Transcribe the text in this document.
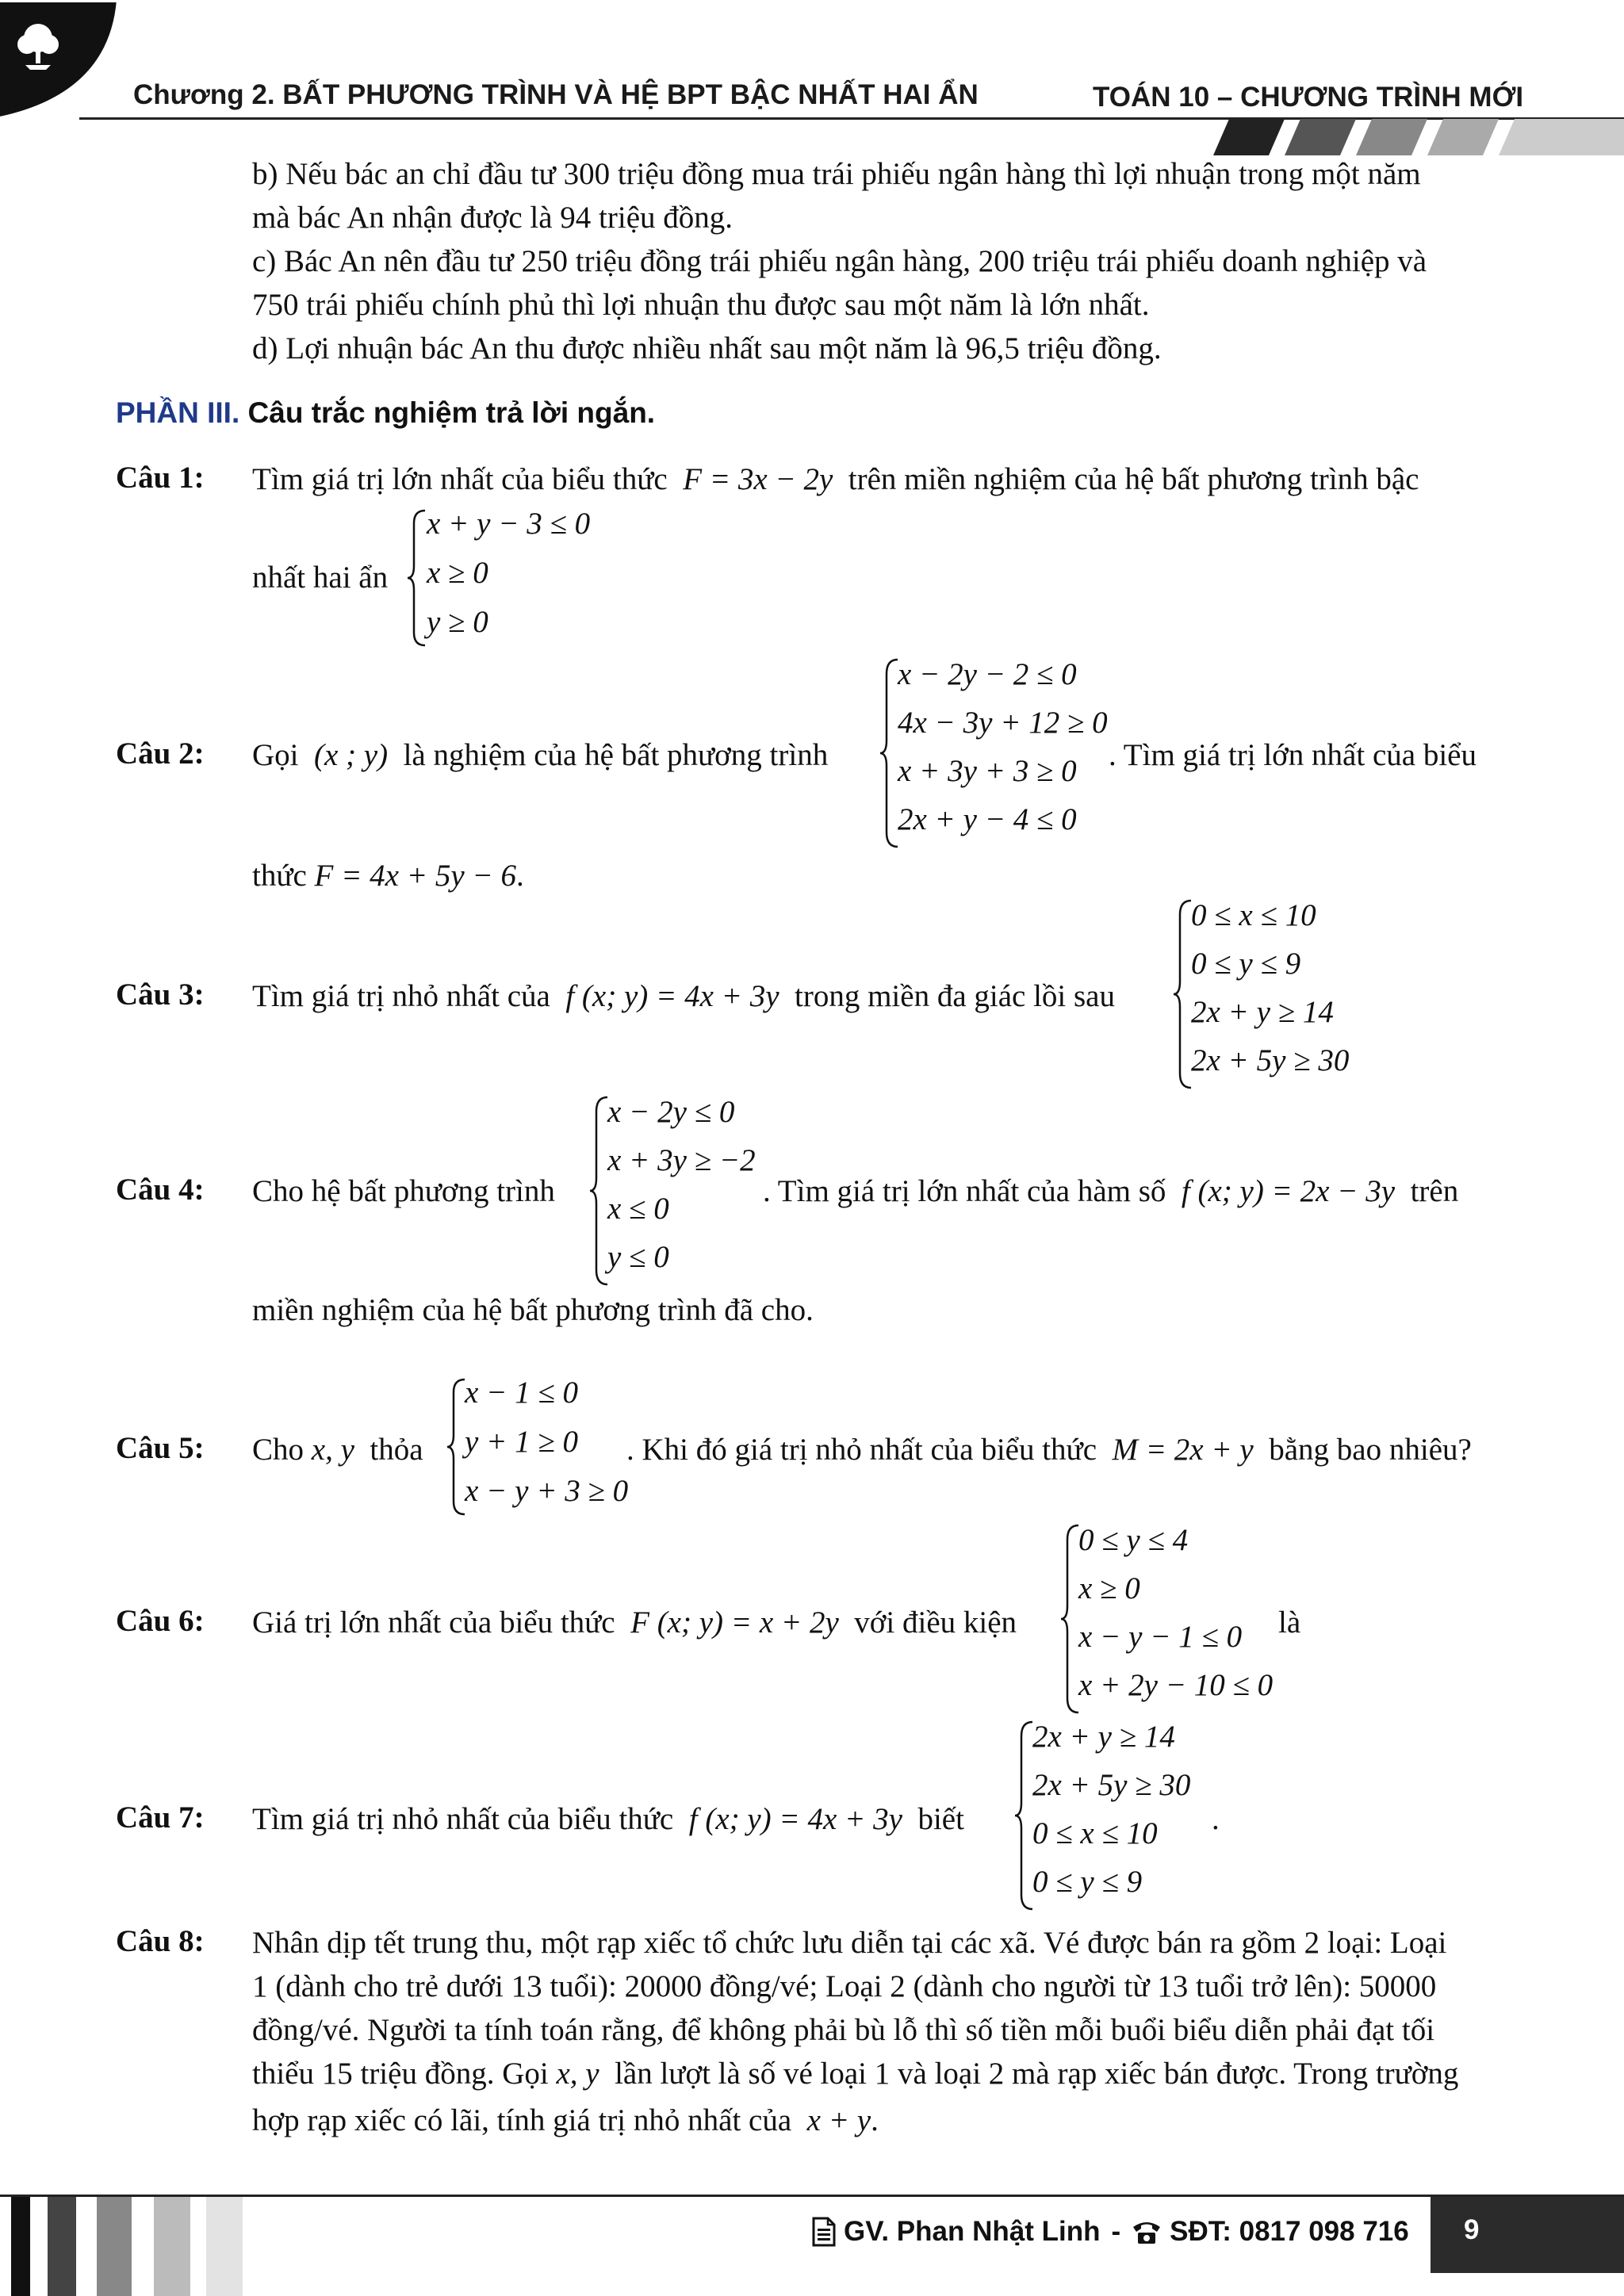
Chương 2. BẤT PHƯƠNG TRÌNH VÀ HỆ BPT BẬC NHẤT HAI ẨN	TOÁN 10 – CHƯƠNG TRÌNH MỚI
b) Nếu bác an chỉ đầu tư 300 triệu đồng mua trái phiếu ngân hàng thì lợi nhuận trong một năm
mà bác An nhận được là 94 triệu đồng.
c) Bác An nên đầu tư 250 triệu đồng trái phiếu ngân hàng, 200 triệu trái phiếu doanh nghiệp và
750 trái phiếu chính phủ thì lợi nhuận thu được sau một năm là lớn nhất.
d) Lợi nhuận bác An thu được nhiều nhất sau một năm là 96,5 triệu đồng.
PHẦN III. Câu trắc nghiệm trả lời ngắn.
Câu 1: Tìm giá trị lớn nhất của biểu thức F = 3x − 2y trên miền nghiệm của hệ bất phương trình bậc
nhất hai ẩn
x + y − 3 ≤ 0
x ≥ 0
y ≥ 0
Câu 2: Gọi (x ; y) là nghiệm của hệ bất phương trình
x − 2y − 2 ≤ 0
4x − 3y + 12 ≥ 0
x + 3y + 3 ≥ 0
2x + y − 4 ≤ 0
. Tìm giá trị lớn nhất của biểu
thức F = 4x + 5y − 6.
Câu 3: Tìm giá trị nhỏ nhất của f (x; y) = 4x + 3y trong miền đa giác lồi sau
0 ≤ x ≤ 10
0 ≤ y ≤ 9
2x + y ≥ 14
2x + 5y ≥ 30
Câu 4: Cho hệ bất phương trình
x − 2y ≤ 0
x + 3y ≥ −2
x ≤ 0
y ≤ 0
. Tìm giá trị lớn nhất của hàm số f (x; y) = 2x − 3y trên
miền nghiệm của hệ bất phương trình đã cho.
Câu 5: Cho x, y thỏa
x − 1 ≤ 0
y + 1 ≥ 0
x − y + 3 ≥ 0
. Khi đó giá trị nhỏ nhất của biểu thức M = 2x + y bằng bao nhiêu?
Câu 6: Giá trị lớn nhất của biểu thức F (x; y) = x + 2y với điều kiện
0 ≤ y ≤ 4
x ≥ 0
x − y − 1 ≤ 0
x + 2y − 10 ≤ 0
là
Câu 7: Tìm giá trị nhỏ nhất của biểu thức f (x; y) = 4x + 3y biết
2x + y ≥ 14
2x + 5y ≥ 30
0 ≤ x ≤ 10
0 ≤ y ≤ 9
.
Câu 8: Nhân dịp tết trung thu, một rạp xiếc tổ chức lưu diễn tại các xã. Vé được bán ra gồm 2 loại: Loại
1 (dành cho trẻ dưới 13 tuổi): 20000 đồng/vé; Loại 2 (dành cho người từ 13 tuổi trở lên): 50000
đồng/vé. Người ta tính toán rằng, để không phải bù lỗ thì số tiền mỗi buổi biểu diễn phải đạt tối
thiểu 15 triệu đồng. Gọi x, y lần lượt là số vé loại 1 và loại 2 mà rạp xiếc bán được. Trong trường
hợp rạp xiếc có lãi, tính giá trị nhỏ nhất của x + y.
GV. Phan Nhật Linh - SĐT: 0817 098 716 9
